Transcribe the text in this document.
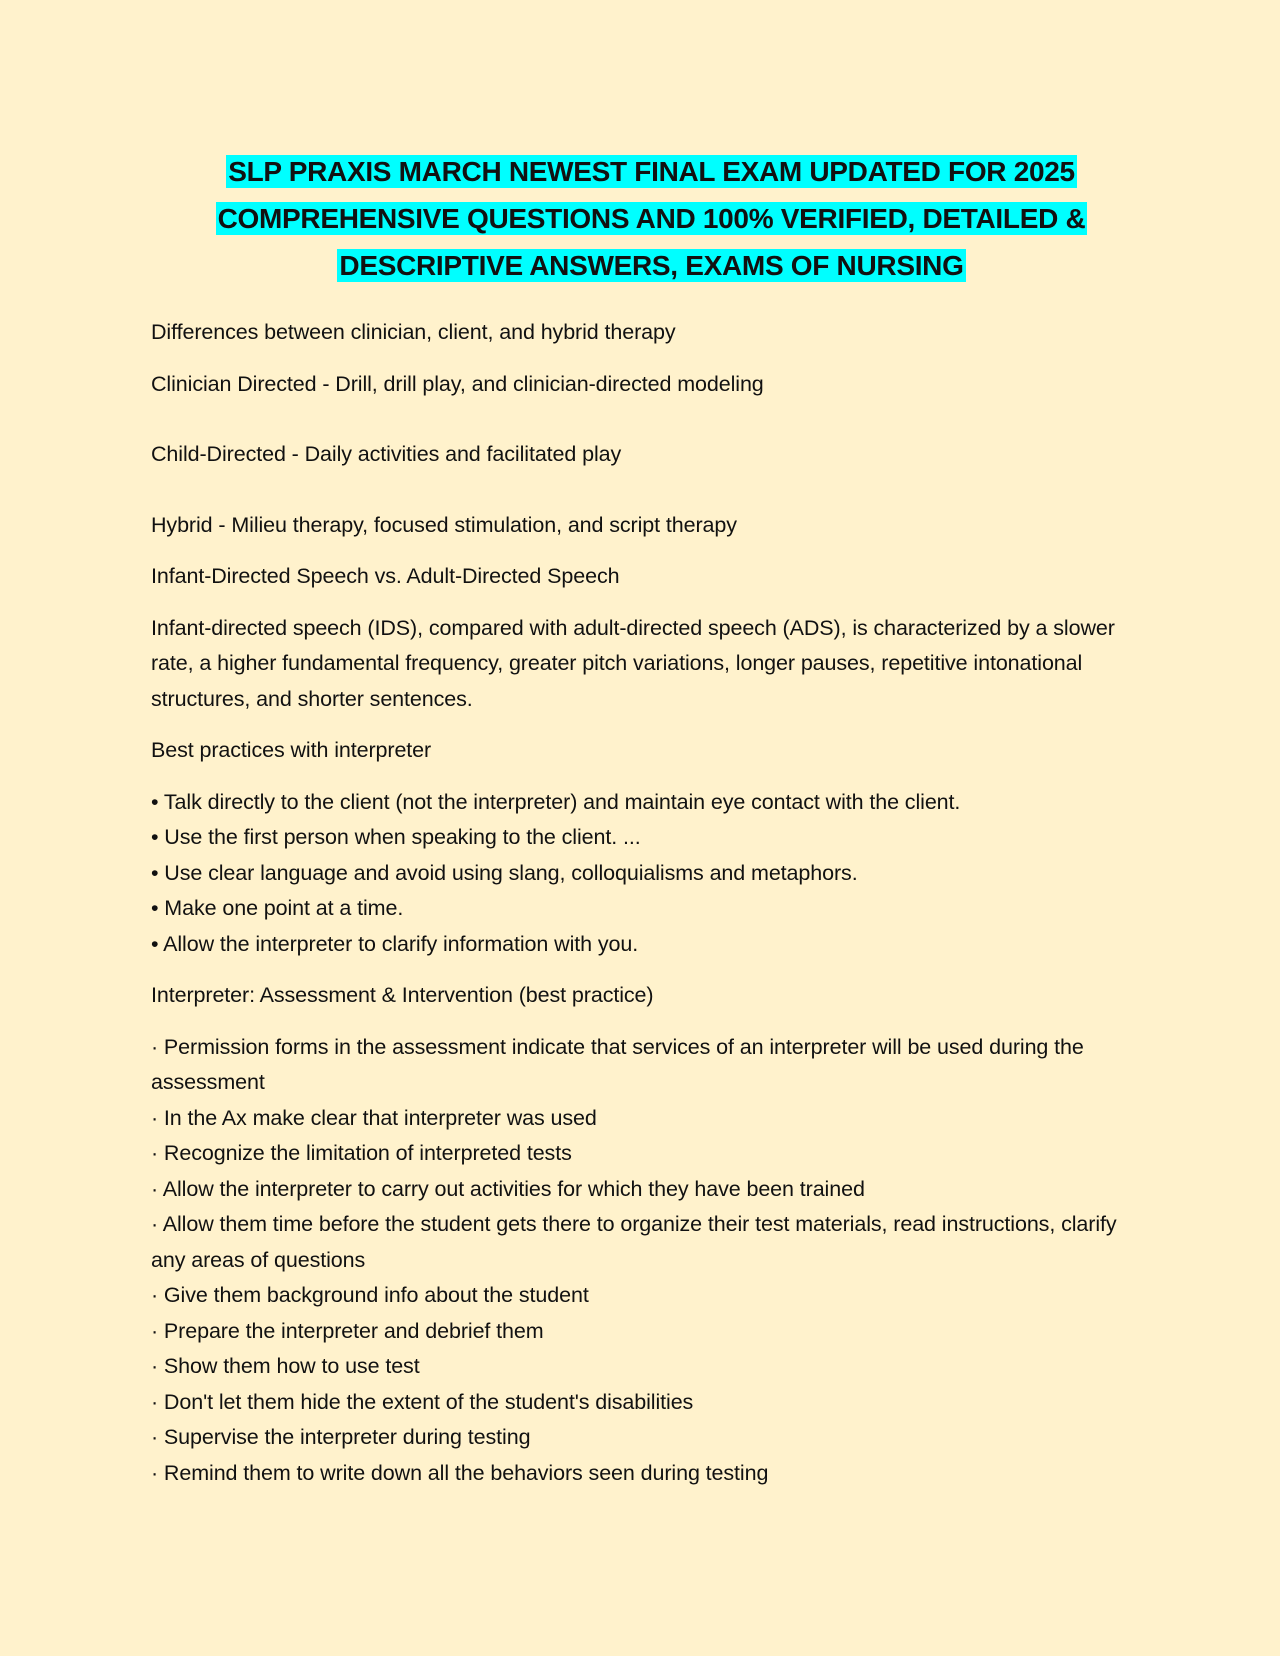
SLP PRAXIS MARCH NEWEST FINAL EXAM UPDATED FOR 2025
COMPREHENSIVE QUESTIONS AND 100% VERIFIED, DETAILED &
DESCRIPTIVE ANSWERS, EXAMS OF NURSING

Differences between clinician, client, and hybrid therapy

Clinician Directed - Drill, drill play, and clinician-directed modeling

Child-Directed - Daily activities and facilitated play

Hybrid - Milieu therapy, focused stimulation, and script therapy

Infant-Directed Speech vs. Adult-Directed Speech

Infant-directed speech (IDS), compared with adult-directed speech (ADS), is characterized by a slower rate, a higher fundamental frequency, greater pitch variations, longer pauses, repetitive intonational structures, and shorter sentences.

Best practices with interpreter

• Talk directly to the client (not the interpreter) and maintain eye contact with the client.
• Use the first person when speaking to the client. ...
• Use clear language and avoid using slang, colloquialisms and metaphors.
• Make one point at a time.
• Allow the interpreter to clarify information with you.

Interpreter: Assessment & Intervention (best practice)

· Permission forms in the assessment indicate that services of an interpreter will be used during the assessment
· In the Ax make clear that interpreter was used
· Recognize the limitation of interpreted tests
· Allow the interpreter to carry out activities for which they have been trained
· Allow them time before the student gets there to organize their test materials, read instructions, clarify any areas of questions
· Give them background info about the student
· Prepare the interpreter and debrief them
· Show them how to use test
· Don't let them hide the extent of the student's disabilities
· Supervise the interpreter during testing
· Remind them to write down all the behaviors seen during testing
